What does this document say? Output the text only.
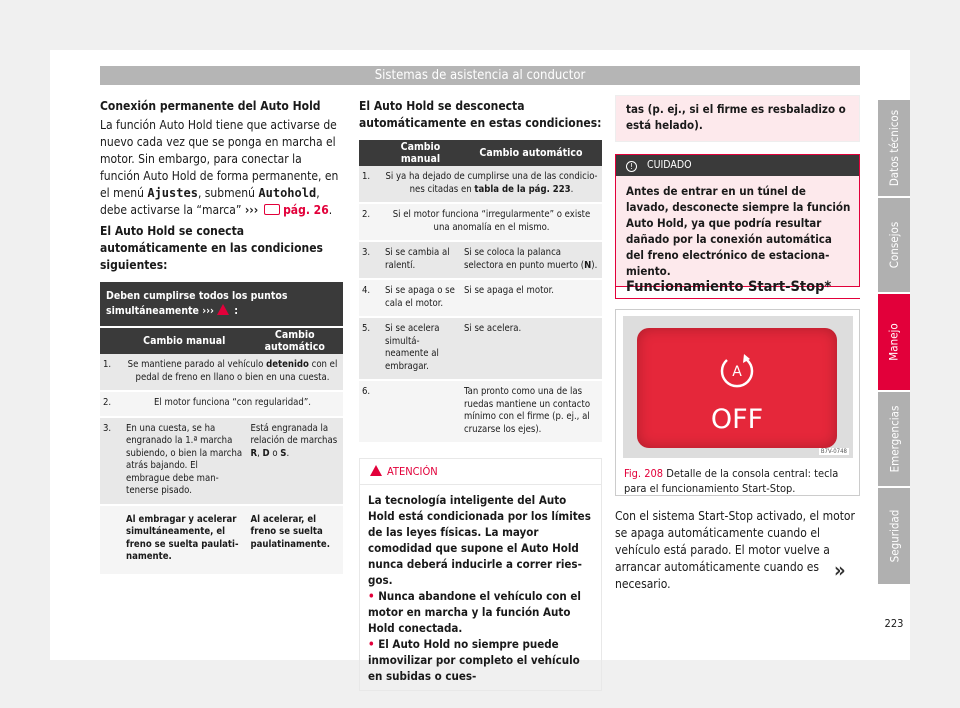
Sistemas de asistencia al conductor

Conexión permanente del Auto Hold

La función Auto Hold tiene que activarse de nuevo cada vez que se ponga en marcha el motor. Sin embargo, para conectar la función Auto Hold de forma permanente, en el menú Ajustes, submenú Autohold, debe activarse la “marca” ››› pág. 26.

El Auto Hold se conecta automáticamente en las condiciones siguientes:

Deben cumplirse todos los puntos simultáneamente ››› :
	Cambio manual	Cambio automático
1.	Se mantiene parado al vehículo detenido con el pedal de freno en llano o bien en una cuesta.	
2.	El motor funciona “con regularidad”.	
3.	En una cuesta, se ha engranado la 1.ª marcha subiendo, o bien la marcha atrás bajando. El embrague debe mantenerse pisado.	Está engranada la relación de marchas R, D o S.
	Al embragar y acelerar simultáneamente, el freno se suelta paulatinamente.	Al acelerar, el freno se suelta paulatinamente.

El Auto Hold se desconecta automáticamente en estas condiciones:

	Cambio manual	Cambio automático
1.	Si ya ha dejado de cumplirse una de las condiciones citadas en tabla de la pág. 223.	
2.	Si el motor funciona “irregularmente” o existe una anomalía en el mismo.	
3.	Si se cambia al ralentí.	Si se coloca la palanca selectora en punto muerto (N).
4.	Si se apaga o se cala el motor.	Si se apaga el motor.
5.	Si se acelera simultáneamente al embragar.	Si se acelera.
6.		Tan pronto como una de las ruedas mantiene un contacto mínimo con el firme (p. ej., al cruzarse los ejes).
ATENCIÓN
La tecnología inteligente del Auto Hold está condicionada por los límites de las leyes físicas. La mayor comodidad que supone el Auto Hold nunca deberá inducirle a correr riesgos.
• Nunca abandone el vehículo con el motor en marcha y la función Auto Hold conectada.
• El Auto Hold no siempre puede inmovilizar por completo el vehículo en subidas o cues-
tas (p. ej., si el firme es resbaladizo o está helado).
! CUIDADO
Antes de entrar en un túnel de lavado, desconecte siempre la función Auto Hold, ya que podría resultar dañado por la conexión automática del freno electrónico de estacionamiento.
Funcionamiento Start-Stop*
A
OFF
B7V-0748
Fig. 208 Detalle de la consola central: tecla para el funcionamiento Start-Stop.
Con el sistema Start-Stop activado, el motor se apaga automáticamente cuando el vehículo está parado. El motor vuelve a arrancar automáticamente cuando es necesario.
»
Datos técnicos
Consejos
Manejo
Emergencias
Seguridad
223
